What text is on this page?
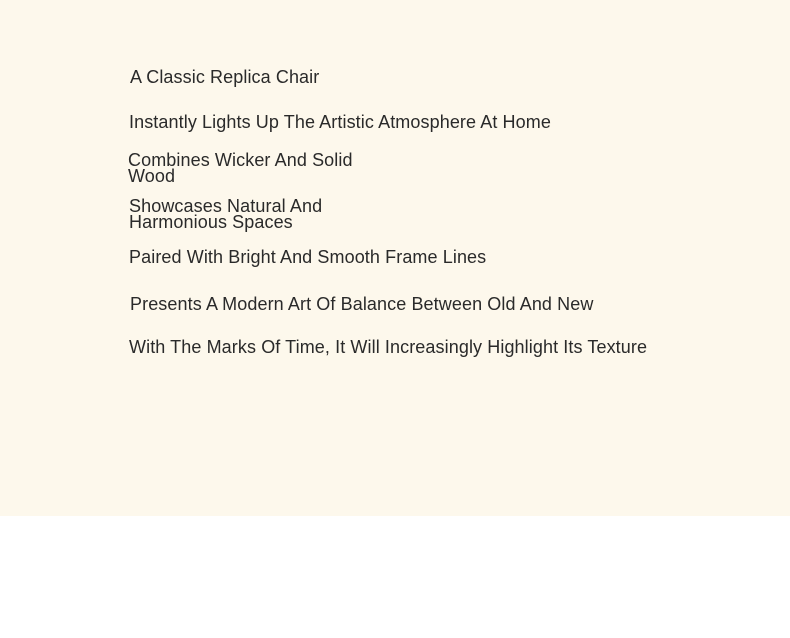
A Classic Replica Chair
Instantly Lights Up The Artistic Atmosphere At Home
Combines Wicker And Solid Wood
Showcases Natural And Harmonious Spaces
Paired With Bright And Smooth Frame Lines
Presents A Modern Art Of Balance Between Old And New
With The Marks Of Time, It Will Increasingly Highlight Its Texture
